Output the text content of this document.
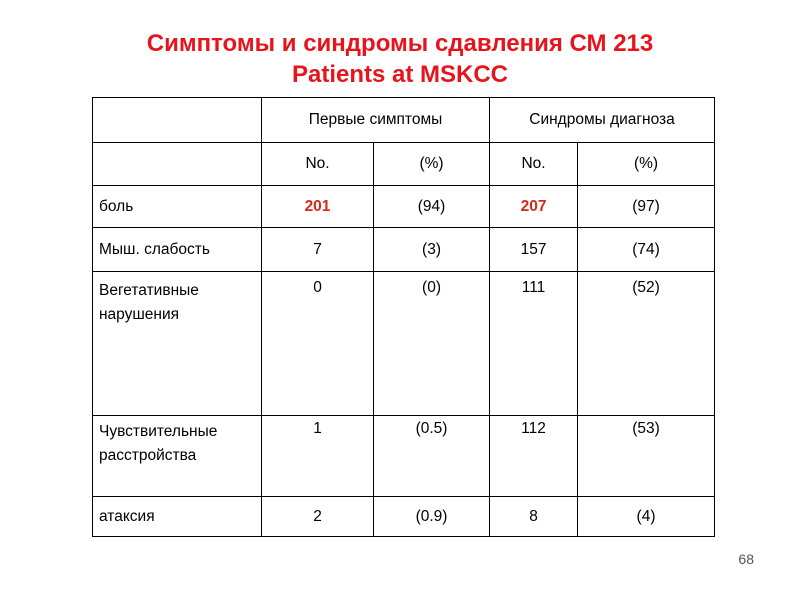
Симптомы и синдромы сдавления СМ 213
Patients at MSKCC
	Первые симптомы		Синдромы диагноза	
	No.	(%)	No.	(%)
боль	201	(94)	207	(97)
Мыш. слабость	7	(3)	157	(74)
Вегетативные нарушения	0	(0)	111	(52)
Чувствительные расстройства	1	(0.5)	112	(53)
атаксия	2	(0.9)	8	(4)
68
